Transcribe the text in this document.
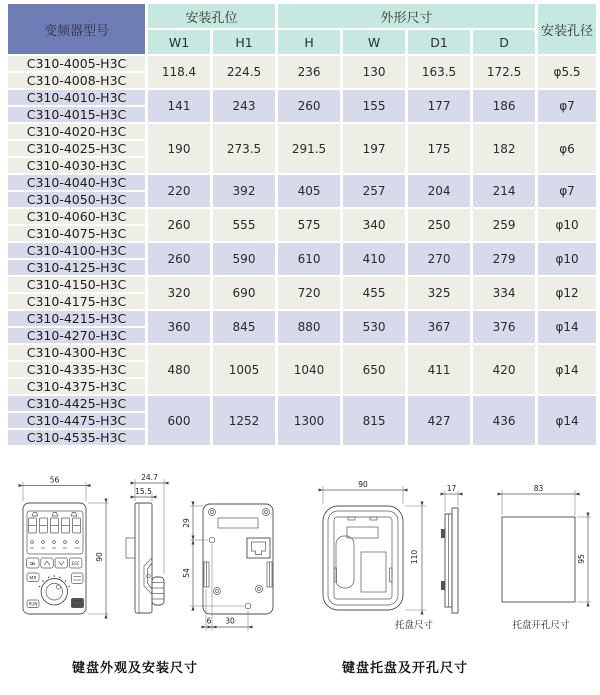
变频器型号	安装孔位		外形尺寸				安装孔径
	W1	H1	H	W	D1	D	
C310-4005-H3C	118.4	224.5	236	130	163.5	172.5	φ5.5
C310-4008-H3C							
C310-4010-H3C	141	243	260	155	177	186	φ7
C310-4015-H3C							
C310-4020-H3C	190	273.5	291.5	197	175	182	φ6
C310-4025-H3C							
C310-4030-H3C							
C310-4040-H3C	220	392	405	257	204	214	φ7
C310-4050-H3C							
C310-4060-H3C	260	555	575	340	250	259	φ10
C310-4075-H3C							
C310-4100-H3C	260	590	610	410	270	279	φ10
C310-4125-H3C							
C310-4150-H3C	320	690	720	455	325	334	φ12
C310-4175-H3C							
C310-4215-H3C	360	845	880	530	367	376	φ14
C310-4270-H3C							
C310-4300-H3C	480	1005	1040	650	411	420	φ14
C310-4335-H3C							
C310-4375-H3C							
C310-4425-H3C	600	1252	1300	815	427	436	φ14
C310-4475-H3C							
C310-4535-H3C							
≫	ESC
MR
RUN	STOP
RESET
56
90
24.7
15.5
29
54
6 30
90
110
托盘尺寸
17	83
95
托盘开孔尺寸
键盘外观及安装尺寸	键盘托盘及开孔尺寸
